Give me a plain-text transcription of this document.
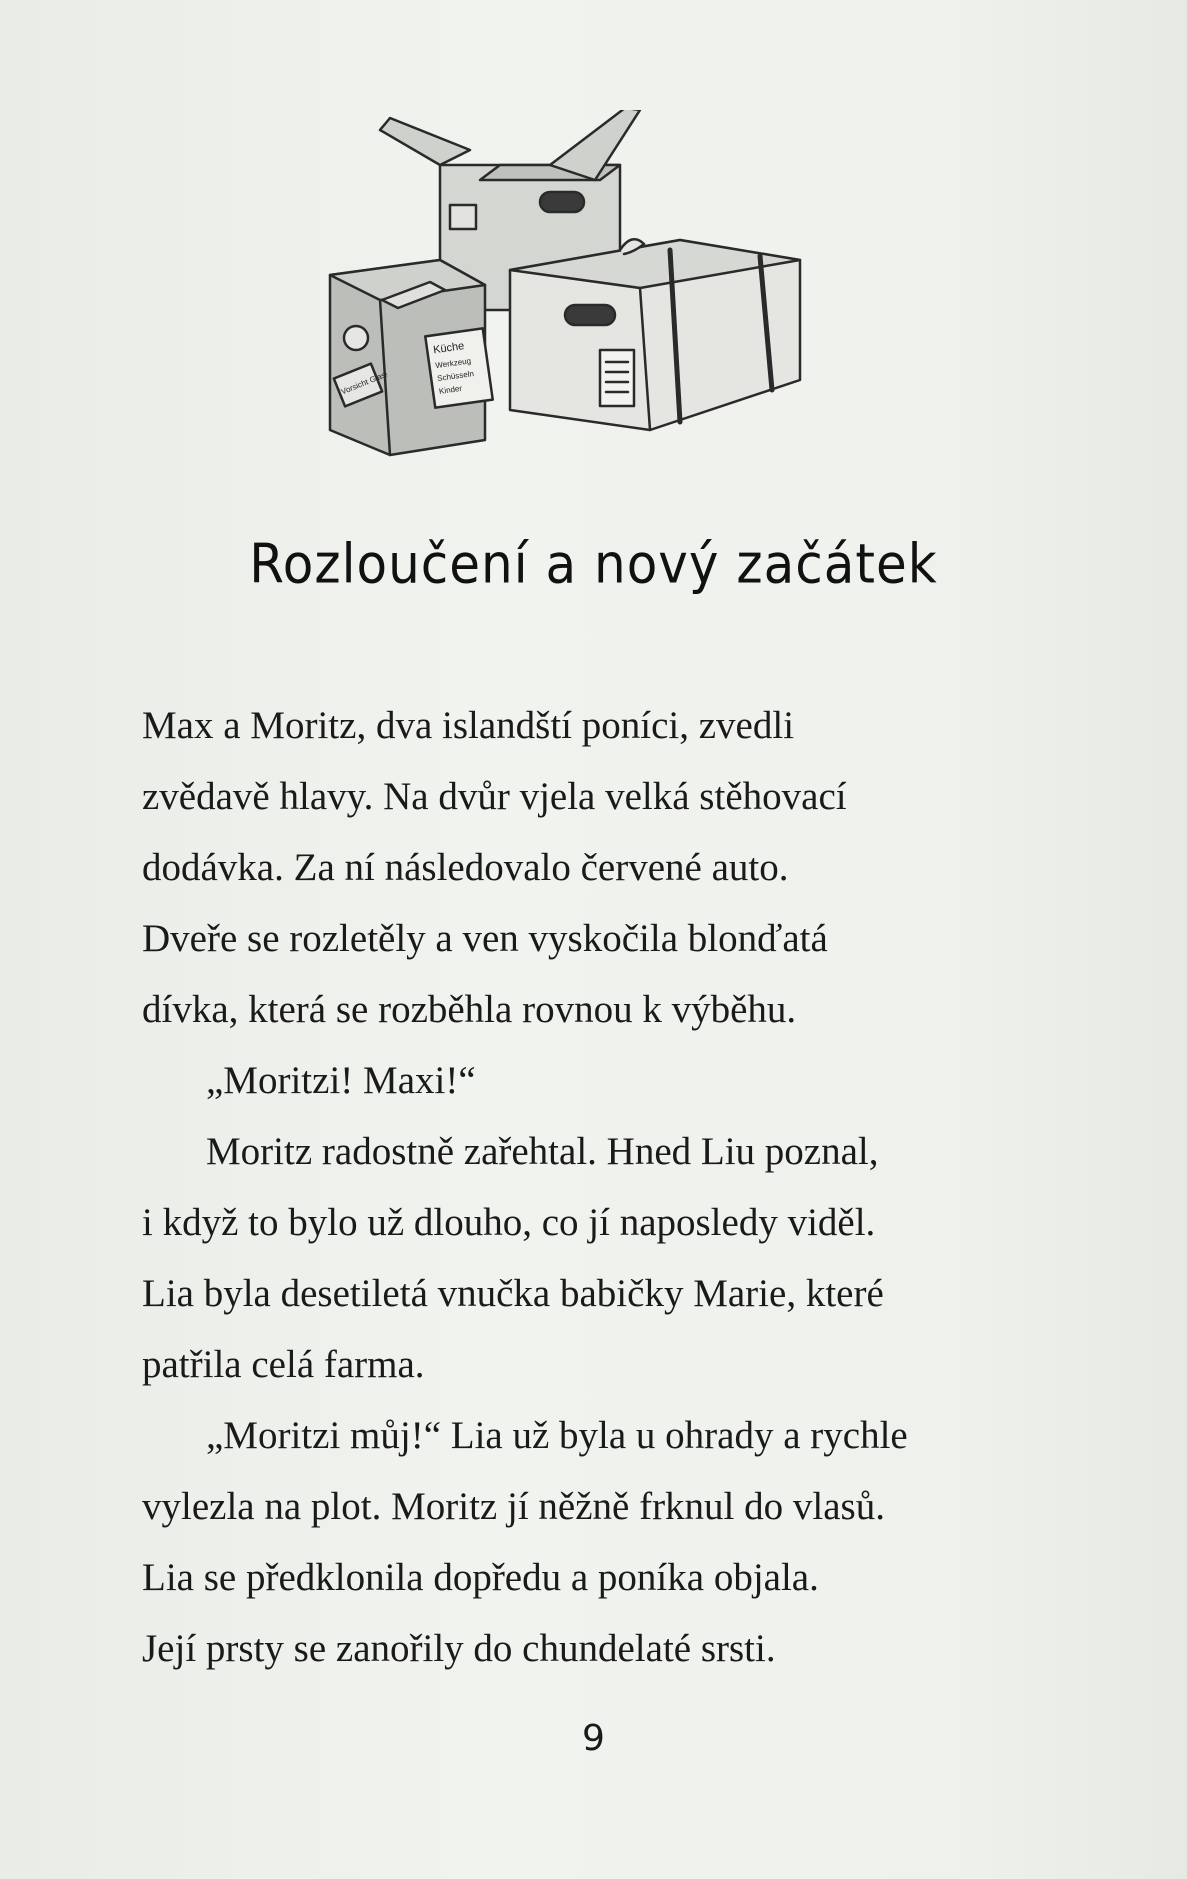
Küche
Werkzeug
Schüsseln
Kinder
Vorsicht Glas!
Rozloučení a nový začátek
Max a Moritz, dva islandští poníci, zvedli
zvědavě hlavy. Na dvůr vjela velká stěhovací
dodávka. Za ní následovalo červené auto.
Dveře se rozletěly a ven vyskočila blonďatá
dívka, která se rozběhla rovnou k výběhu.
„Moritzi! Maxi!“
Moritz radostně zařehtal. Hned Liu poznal,
i když to bylo už dlouho, co jí naposledy viděl.
Lia byla desetiletá vnučka babičky Marie, které
patřila celá farma.
„Moritzi můj!“ Lia už byla u ohrady a rychle
vylezla na plot. Moritz jí něžně frknul do vlasů.
Lia se předklonila dopředu a poníka objala.
Její prsty se zanořily do chundelaté srsti.
9
